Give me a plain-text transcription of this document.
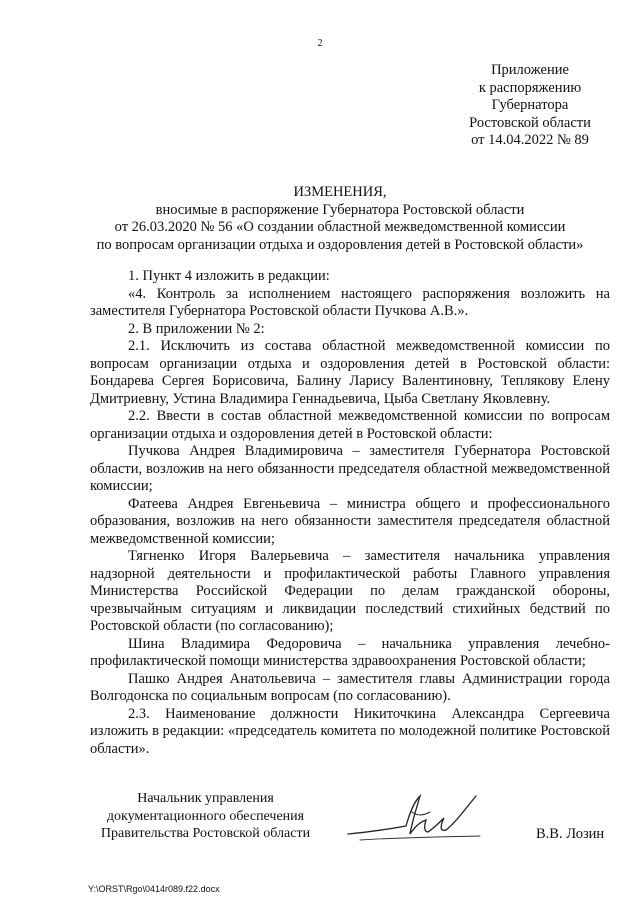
2
Приложение
к распоряжению
Губернатора
Ростовской области
от 14.04.2022 № 89
ИЗМЕНЕНИЯ,
вносимые в распоряжение Губернатора Ростовской области
от 26.03.2020 № 56 «О создании областной межведомственной комиссии
по вопросам организации отдыха и оздоровления детей в Ростовской области»

1. Пункт 4 изложить в редакции:

«4. Контроль за исполнением настоящего распоряжения возложить на заместителя Губернатора Ростовской области Пучкова А.В.».

2. В приложении № 2:

2.1. Исключить из состава областной межведомственной комиссии по вопросам организации отдыха и оздоровления детей в Ростовской области: Бондарева Сергея Борисовича, Балину Ларису Валентиновну, Теплякову Елену Дмитриевну, Устина Владимира Геннадьевича, Цыба Светлану Яковлевну.

2.2. Ввести в состав областной межведомственной комиссии по вопросам организации отдыха и оздоровления детей в Ростовской области:

Пучкова Андрея Владимировича – заместителя Губернатора Ростовской области, возложив на него обязанности председателя областной межведомственной комиссии;

Фатеева Андрея Евгеньевича – министра общего и профессионального образования, возложив на него обязанности заместителя председателя областной межведомственной комиссии;

Тягненко Игоря Валерьевича – заместителя начальника управления надзорной деятельности и профилактической работы Главного управления Министерства Российской Федерации по делам гражданской обороны, чрезвычайным ситуациям и ликвидации последствий стихийных бедствий по Ростовской области (по согласованию);

Шина Владимира Федоровича – начальника управления лечебно-профилактической помощи министерства здравоохранения Ростовской области;

Пашко Андрея Анатольевича – заместителя главы Администрации города Волгодонска по социальным вопросам (по согласованию).

2.3. Наименование должности Никиточкина Александра Сергеевича изложить в редакции: «председатель комитета по молодежной политике Ростовской области».

Начальник управления
документационного обеспечения
Правительства Ростовской области	В.В. Лозин
Y:\ORST\Rgo\0414r089.f22.docx
